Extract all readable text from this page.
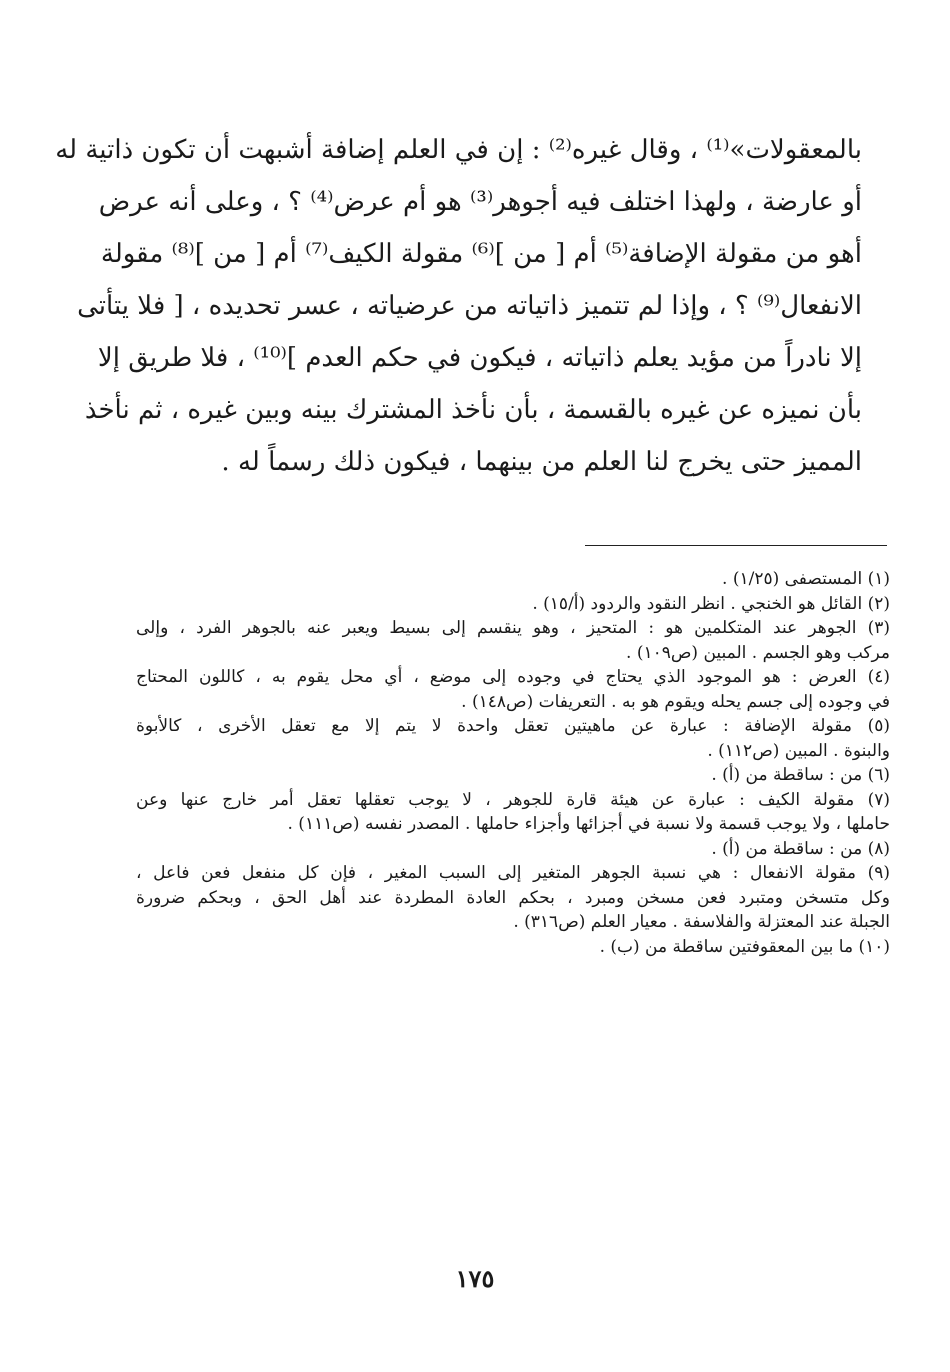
بالمعقولات»⁽¹⁾ ، وقال غيره⁽²⁾ : إن في العلم إضافة أشبهت أن تكون ذاتية له
أو عارضة ، ولهذا اختلف فيه أجوهر⁽³⁾ هو أم عرض⁽⁴⁾ ؟ ، وعلى أنه عرض
أهو من مقولة الإضافة⁽⁵⁾ أم [ من ]⁽⁶⁾ مقولة الكيف⁽⁷⁾ أم [ من ]⁽⁸⁾ مقولة
الانفعال⁽⁹⁾ ؟ ، وإذا لم تتميز ذاتياته من عرضياته ، عسر تحديده ، [ فلا يتأتى
إلا نادراً من مؤيد يعلم ذاتياته ، فيكون في حكم العدم ]⁽¹⁰⁾ ، فلا طريق إلا
بأن نميزه عن غيره بالقسمة ، بأن نأخذ المشترك بينه وبين غيره ، ثم نأخذ
المميز حتى يخرج لنا العلم من بينهما ، فيكون ذلك رسماً له .
(١) المستصفى (١/٢٥) .
(٢) القائل هو الخنجي . انظر النقود والردود (أ/١٥) .
(٣) الجوهر عند المتكلمين هو : المتحيز ، وهو ينقسم إلى بسيط ويعبر عنه بالجوهر الفرد ، وإلى
مركب وهو الجسم . المبين (ص١٠٩) .
(٤) العرض : هو الموجود الذي يحتاج في وجوده إلى موضع ، أي محل يقوم به ، كاللون المحتاج
في وجوده إلى جسم يحله ويقوم هو به . التعريفات (ص١٤٨) .
(٥) مقولة الإضافة : عبارة عن ماهيتين تعقل واحدة لا يتم إلا مع تعقل الأخرى ، كالأبوة
والبنوة . المبين (ص١١٢) .
(٦) من : ساقطة من (أ) .
(٧) مقولة الكيف : عبارة عن هيئة قارة للجوهر ، لا يوجب تعقلها تعقل أمر خارج عنها وعن
حاملها ، ولا يوجب قسمة ولا نسبة في أجزائها وأجزاء حاملها . المصدر نفسه (ص١١١) .
(٨) من : ساقطة من (أ) .
(٩) مقولة الانفعال : هي نسبة الجوهر المتغير إلى السبب المغير ، فإن كل منفعل فعن فاعل ،
وكل متسخن ومتبرد فعن مسخن ومبرد ، بحكم العادة المطردة عند أهل الحق ، وبحكم ضرورة
الجبلة عند المعتزلة والفلاسفة . معيار العلم (ص٣١٦) .
(١٠) ما بين المعقوفتين ساقطة من (ب) .
١٧٥
